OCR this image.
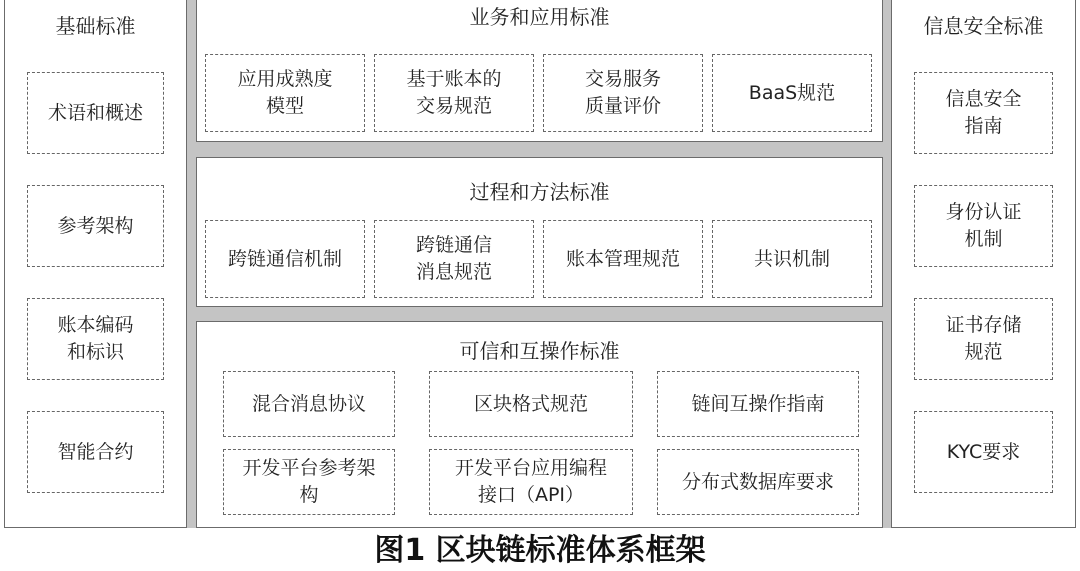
基础标准
术语和概述
参考架构
账本编码
和标识
智能合约
业务和应用标准
应用成熟度
模型
基于账本的
交易规范
交易服务
质量评价
BaaS规范
过程和方法标准
跨链通信机制
跨链通信
消息规范
账本管理规范	共识机制
可信和互操作标准
混合消息协议	区块格式规范	链间互操作指南
开发平台参考架
构
开发平台应用编程
接口（API）
分布式数据库要求
信息安全标准
信息安全
指南
身份认证
机制
证书存储
规范
KYC要求
图1 区块链标准体系框架
